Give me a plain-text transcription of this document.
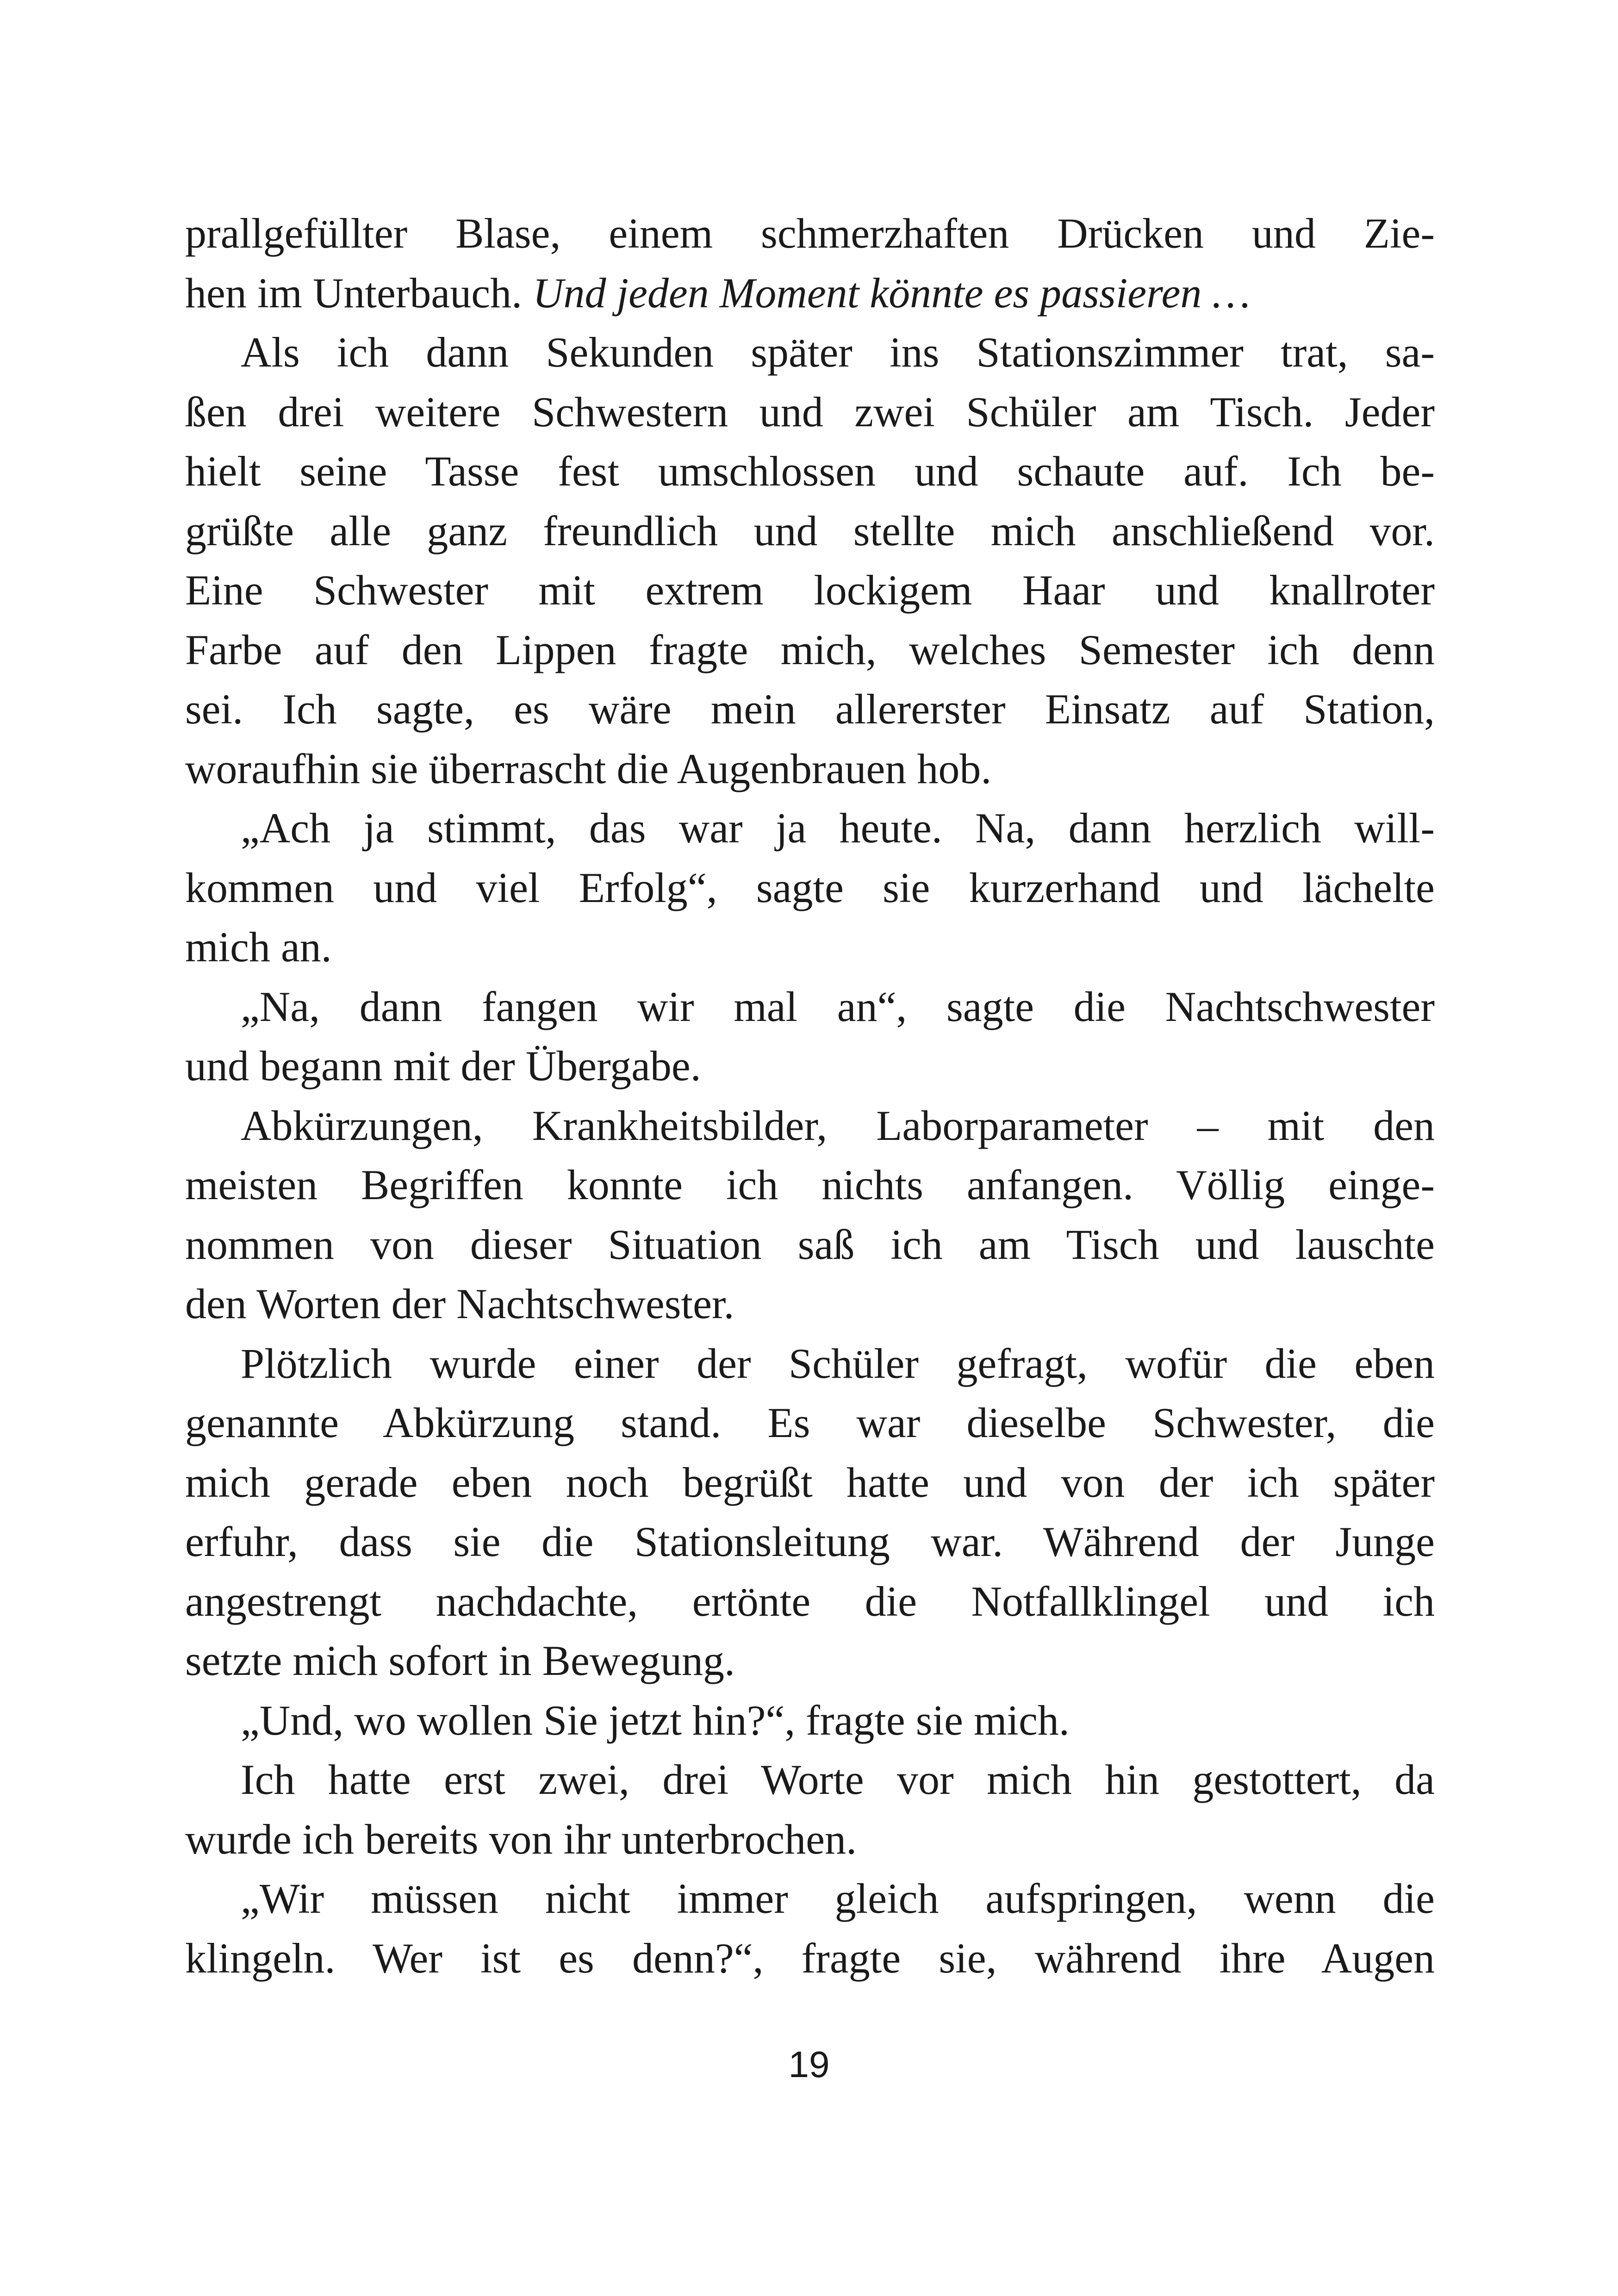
prallgefüllter Blase, einem schmerzhaften Drücken und Zie-
hen im Unterbauch. Und jeden Moment könnte es passieren …
Als ich dann Sekunden später ins Stationszimmer trat, sa-
ßen drei weitere Schwestern und zwei Schüler am Tisch. Jeder
hielt seine Tasse fest umschlossen und schaute auf. Ich be-
grüßte alle ganz freundlich und stellte mich anschließend vor.
Eine Schwester mit extrem lockigem Haar und knallroter
Farbe auf den Lippen fragte mich, welches Semester ich denn
sei. Ich sagte, es wäre mein allererster Einsatz auf Station,
woraufhin sie überrascht die Augenbrauen hob.
„Ach ja stimmt, das war ja heute. Na, dann herzlich will-
kommen und viel Erfolg“, sagte sie kurzerhand und lächelte
mich an.
„Na, dann fangen wir mal an“, sagte die Nachtschwester
und begann mit der Übergabe.
Abkürzungen, Krankheitsbilder, Laborparameter – mit den
meisten Begriffen konnte ich nichts anfangen. Völlig einge-
nommen von dieser Situation saß ich am Tisch und lauschte
den Worten der Nachtschwester.
Plötzlich wurde einer der Schüler gefragt, wofür die eben
genannte Abkürzung stand. Es war dieselbe Schwester, die
mich gerade eben noch begrüßt hatte und von der ich später
erfuhr, dass sie die Stationsleitung war. Während der Junge
angestrengt nachdachte, ertönte die Notfallklingel und ich
setzte mich sofort in Bewegung.
„Und, wo wollen Sie jetzt hin?“, fragte sie mich.
Ich hatte erst zwei, drei Worte vor mich hin gestottert, da
wurde ich bereits von ihr unterbrochen.
„Wir müssen nicht immer gleich aufspringen, wenn die
klingeln. Wer ist es denn?“, fragte sie, während ihre Augen
19
